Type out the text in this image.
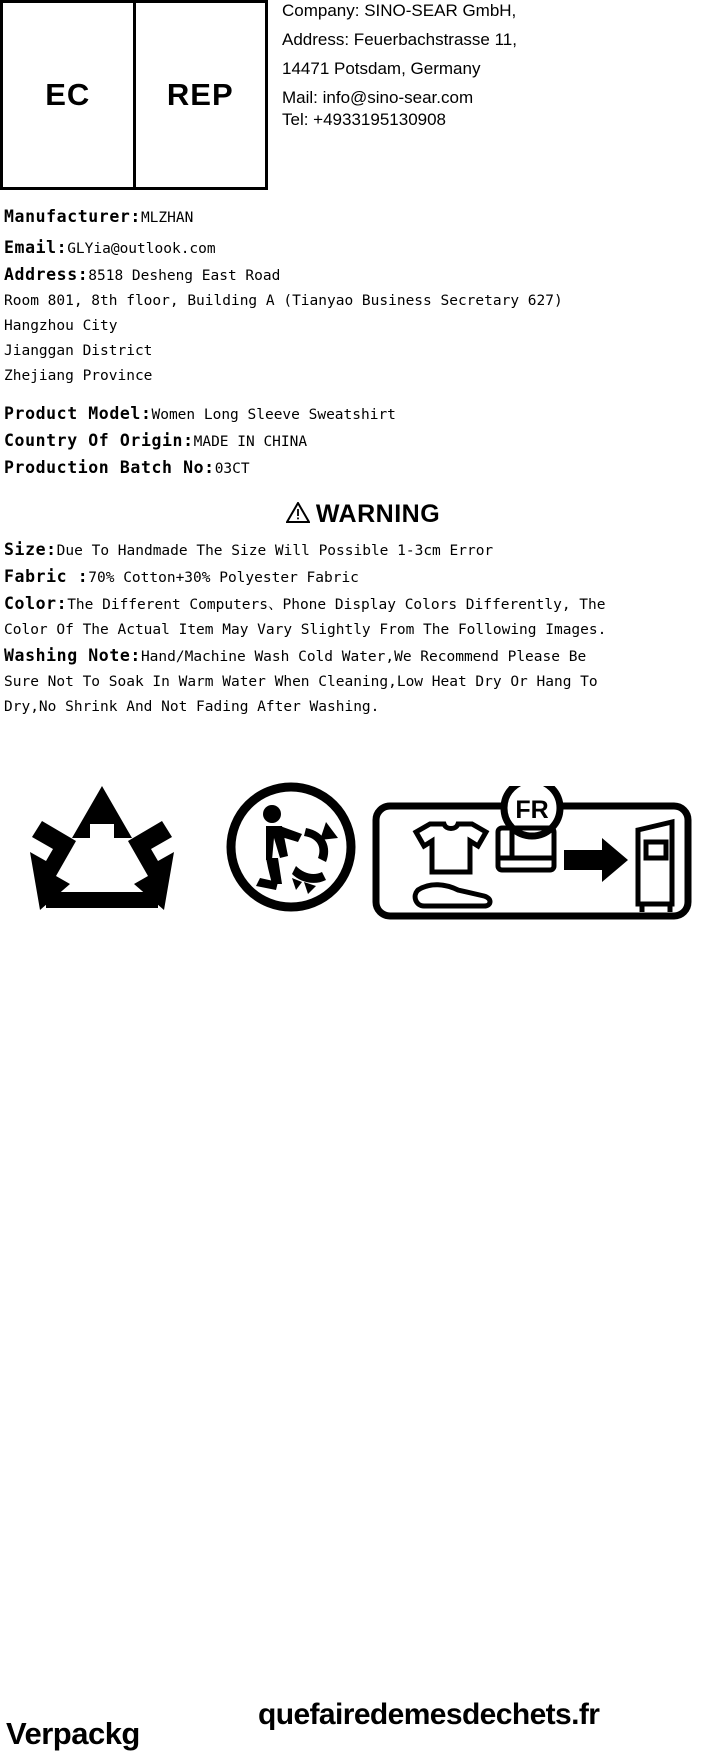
EC	REP
Company: SINO-SEAR GmbH,
Address: Feuerbachstrasse 11,
14471 Potsdam, Germany
Mail: info@sino-sear.com
Tel: +4933195130908
Manufacturer:MLZHAN
Email:GLYia@outlook.com
Address:8518 Desheng East Road
Room 801, 8th floor, Building A (Tianyao Business Secretary 627)
Hangzhou City
Jianggan District
Zhejiang Province
Product Model:Women Long Sleeve Sweatshirt
Country Of Origin:MADE IN CHINA
Production Batch No:03CT
WARNING
Size:Due To Handmade The Size Will Possible 1-3cm Error
Fabric :70% Cotton+30% Polyester Fabric
Color:The Different Computers、Phone Display Colors Differently, The
Color Of The Actual Item May Vary Slightly From The Following Images.
Washing Note:Hand/Machine Wash Cold Water,We Recommend Please Be
Sure Not To Soak In Warm Water When Cleaning,Low Heat Dry Or Hang To
Dry,No Shrink And Not Fading After Washing.
Verpackg
FR
quefairedemesdechets.fr
